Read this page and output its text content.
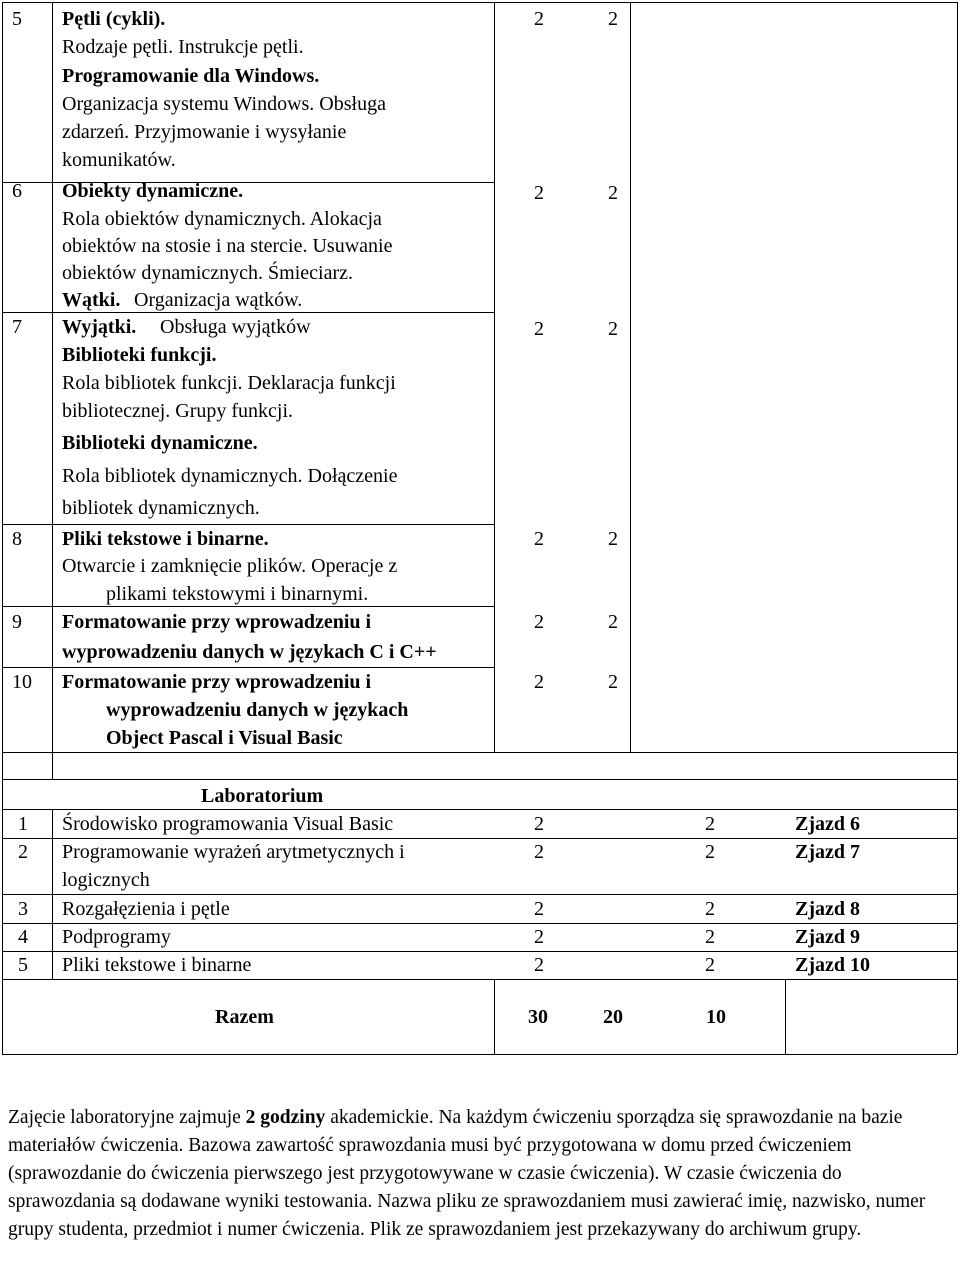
5 Pętli (cykli).
Rodzaje pętli. Instrukcje pętli.
Programowanie dla Windows.
Organizacja systemu Windows. Obsługa
zdarzeń. Przyjmowanie i wysyłanie
komunikatów.
2	2
6 Obiekty dynamiczne.
Rola obiektów dynamicznych. Alokacja
obiektów na stosie i na stercie. Usuwanie
obiektów dynamicznych. Śmieciarz.
Wątki. Organizacja wątków.
2	2
7 Wyjątki. Obsługa wyjątków
Biblioteki funkcji.
Rola bibliotek funkcji. Deklaracja funkcji
bibliotecznej. Grupy funkcji.
Biblioteki dynamiczne.
Rola bibliotek dynamicznych. Dołączenie
bibliotek dynamicznych.
2	2
8 Pliki tekstowe i binarne.
Otwarcie i zamknięcie plików. Operacje z
plikami tekstowymi i binarnymi.
2	2
9 Formatowanie przy wprowadzeniu i
wyprowadzeniu danych w językach C i C++
2	2
10 Formatowanie przy wprowadzeniu i
wyprowadzeniu danych w językach
Object Pascal i Visual Basic
2	2
Laboratorium
1 Środowisko programowania Visual Basic	2	2	Zjazd 6
2 Programowanie wyrażeń arytmetycznych i
logicznych
2	2	Zjazd 7
3 Rozgałęzienia i pętle	2	2	Zjazd 8
4 Podprogramy	2	2	Zjazd 9
5 Pliki tekstowe i binarne	2	2	Zjazd 10
Razem	30	20	10
Zajęcie laboratoryjne zajmuje 2 godziny akademickie. Na każdym ćwiczeniu sporządza się sprawozdanie na bazie materiałów ćwiczenia. Bazowa zawartość sprawozdania musi być przygotowana w domu przed ćwiczeniem (sprawozdanie do ćwiczenia pierwszego jest przygotowywane w czasie ćwiczenia). W czasie ćwiczenia do sprawozdania są dodawane wyniki testowania. Nazwa pliku ze sprawozdaniem musi zawierać imię, nazwisko, numer grupy studenta, przedmiot i numer ćwiczenia. Plik ze sprawozdaniem jest przekazywany do archiwum grupy.
